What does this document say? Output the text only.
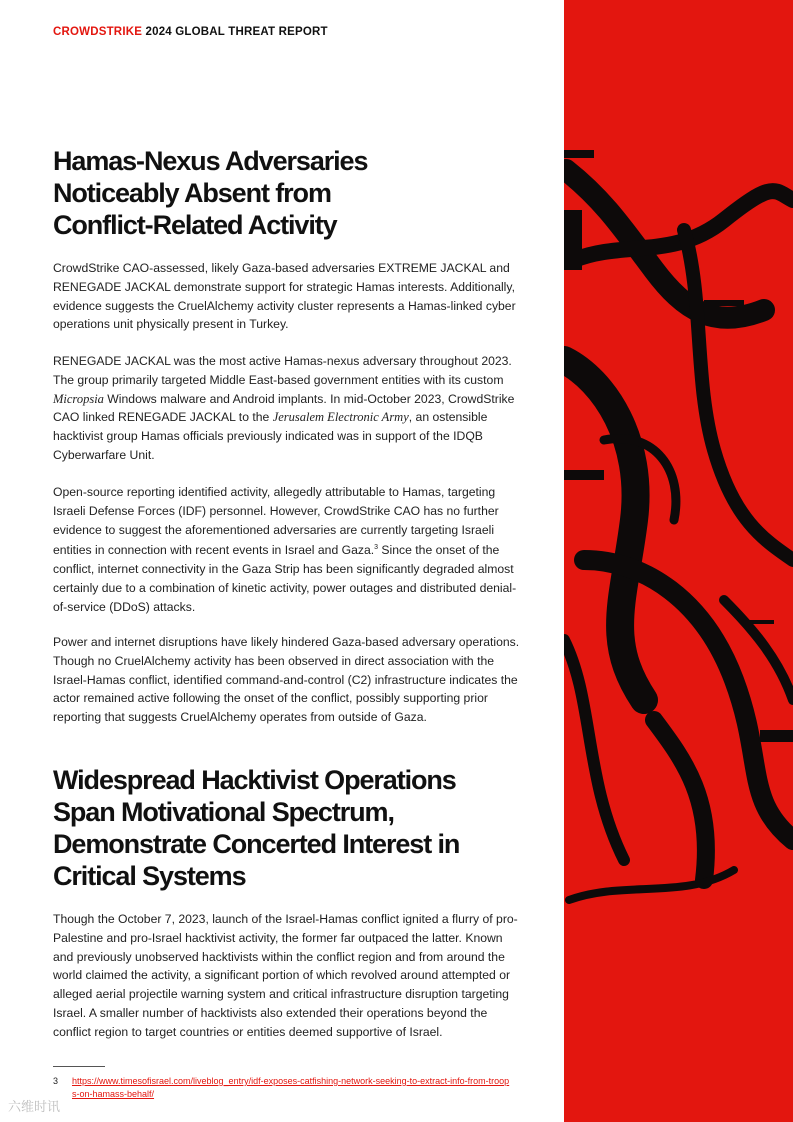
CROWDSTRIKE 2024 GLOBAL THREAT REPORT
Hamas-Nexus Adversaries Noticeably Absent from Conflict-Related Activity

CrowdStrike CAO-assessed, likely Gaza-based adversaries EXTREME JACKAL and RENEGADE JACKAL demonstrate support for strategic Hamas interests. Additionally, evidence suggests the CruelAlchemy activity cluster represents a Hamas-linked cyber operations unit physically present in Turkey.

RENEGADE JACKAL was the most active Hamas-nexus adversary throughout 2023. The group primarily targeted Middle East-based government entities with its custom Micropsia Windows malware and Android implants. In mid-October 2023, CrowdStrike CAO linked RENEGADE JACKAL to the Jerusalem Electronic Army, an ostensible hacktivist group Hamas officials previously indicated was in support of the IDQB Cyberwarfare Unit.

Open-source reporting identified activity, allegedly attributable to Hamas, targeting Israeli Defense Forces (IDF) personnel. However, CrowdStrike CAO has no further evidence to suggest the aforementioned adversaries are currently targeting Israeli entities in connection with recent events in Israel and Gaza.$^3$ Since the onset of the conflict, internet connectivity in the Gaza Strip has been significantly degraded almost certainly due to a combination of kinetic activity, power outages and distributed denial-of-service (DDoS) attacks.

Power and internet disruptions have likely hindered Gaza-based adversary operations. Though no CruelAlchemy activity has been observed in direct association with the Israel-Hamas conflict, identified command-and-control (C2) infrastructure indicates the actor remained active following the onset of the conflict, possibly supporting prior reporting that suggests CruelAlchemy operates from outside of Gaza.

Widespread Hacktivist Operations Span Motivational Spectrum, Demonstrate Concerted Interest in Critical Systems

Though the October 7, 2023, launch of the Israel-Hamas conflict ignited a flurry of pro-Palestine and pro-Israel hacktivist activity, the former far outpaced the latter. Known and previously unobserved hacktivists within the conflict region and from around the world claimed the activity, a significant portion of which revolved around attempted or alleged aerial projectile warning system and critical infrastructure disruption targeting Israel. A smaller number of hacktivists also extended their operations beyond the conflict region to target countries or entities deemed supportive of Israel.

3 https://www.timesofisrael.com/liveblog_entry/idf-exposes-catfishing-network-seeking-to-extract-info-from-troops-on-hamass-behalf/
六维时讯
